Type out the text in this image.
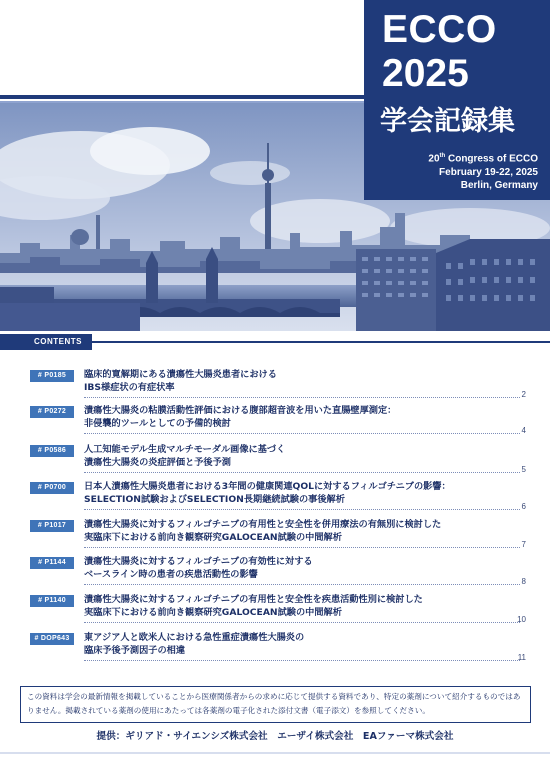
ECCO
2025
学会記録集
20th Congress of ECCO
February 19-22, 2025
Berlin, Germany
CONTENTS
# P0185	臨床的寛解期にある潰瘍性大腸炎患者における
IBS様症状の有症状率
2
# P0272	潰瘍性大腸炎の粘膜活動性評価における腹部超音波を用いた直腸壁厚測定：
非侵襲的ツールとしての予備的検討
4
# P0586	人工知能モデル生成マルチモーダル画像に基づく
潰瘍性大腸炎の炎症評価と予後予測
5
# P0700	日本人潰瘍性大腸炎患者における3年間の健康関連QOLに対するフィルゴチニブの影響：
SELECTION試験およびSELECTION長期継続試験の事後解析
6
# P1017	潰瘍性大腸炎に対するフィルゴチニブの有用性と安全性を併用療法の有無別に検討した
実臨床下における前向き観察研究GALOCEAN試験の中間解析
7
# P1144	潰瘍性大腸炎に対するフィルゴチニブの有効性に対する
ベースライン時の患者の疾患活動性の影響
8
# P1140	潰瘍性大腸炎に対するフィルゴチニブの有用性と安全性を疾患活動性別に検討した
実臨床下における前向き観察研究GALOCEAN試験の中間解析
10
# DOP643	東アジア人と欧米人における急性重症潰瘍性大腸炎の
臨床予後予測因子の相違
11
この資料は学会の最新情報を掲載していることから医療関係者からの求めに応じて提供する資料であり、特定の薬剤について紹介するものではありません。掲載されている薬剤の使用にあたっては各薬剤の電子化された添付文書（電子添文）を参照してください。
提供：ギリアド・サイエンシズ株式会社　エーザイ株式会社　EAファーマ株式会社
